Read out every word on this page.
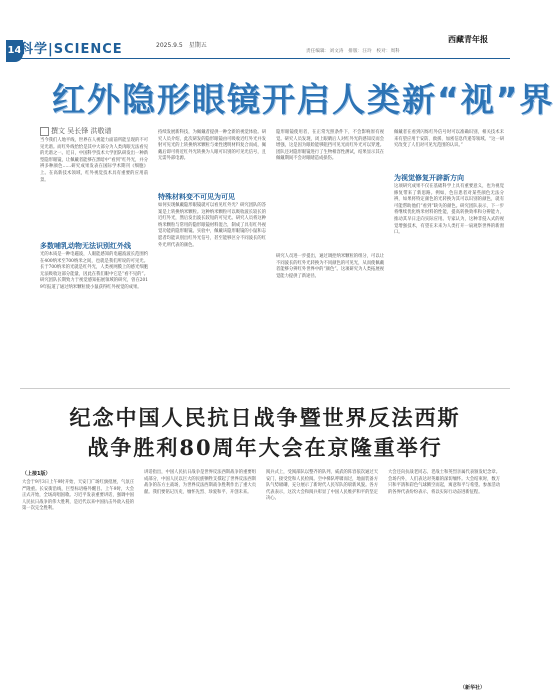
14
科学|SCIENCE	2025.9.5　星期五
西藏青年报
责任编辑：刘文涛　排版：汪玲　校对：周科
红外隐形眼镜开启人类新“视”界
撰文 吴长锋 洪敬谱
当今我们人地平线，世界在人视能力面前所能呈现的不可见光谱。而红外线恰恰是其中大部分为人类肉眼无法看见的光谱之一。近日，中国科学技术大学团队研发出一种新型隐形眼镜，让佩戴者能够在黑暗中“看到”红外光，并分辨多种颜色……研究成果发表在国际学术期刊《细胞》上。在高新技术领域，红外视觉技术具有重要的应用前景。
多数哺乳动物无法识别红外线
光的本质是一种电磁波，人眼能感知的电磁波波长范围约在400纳米至700纳米之间，也就是我们所说的可见光。长于700纳米的光就是红外光，人类视网膜上的感光细胞无法吸收这部分能量，因此在我们眼中它是“看不见的”。研究团队长期致力于视觉感知拓展领域的研究，曾在2019年报道了通过纳米颗粒使小鼠获得红外视觉的成果。
持续发展新科技，为佩戴者提供一种全新的视觉体验。研究人员介绍，此次研发的隐形眼镜由可吸收近红外光并发射可见光的上转换纳米颗粒与柔性透明材料复合而成，佩戴后即可将近红外光转换为人眼可识别的可见光信号，且无需外部电源。
特殊材料变不可见为可见
如何实现佩戴隐形眼镜就可以看见红外光？研究团队的答案是上转换纳米颗粒。这种纳米颗粒可以吸收波长较长的近红外光，然后发出波长较短的可见光。研究人员将这种纳米颗粒与常用的隐形眼镜材料混合，制成了具有红外视觉功能的隐形眼镜。实验中，佩戴该隐形眼镜的小鼠和志愿者均能识别出红外光信号，甚至能够区分不同波长的红外光所代表的颜色。
隐形眼镜使用者，在正常光照条件下，不会影响原有视觉。研究人员发现，闭上眼睛后人对红外光的感知反而会增强，这是因为眼睑能够阻挡可见光而红外光可以穿透。团队还对隐形眼镜进行了生物相容性测试，结果显示其在佩戴期间不会对眼睛造成损伤。
研究人员进一步提出，通过调控纳米颗粒的组分，可以让不同波长的红外光转换为不同颜色的可见光，从而使佩戴者能够分辨红外世界中的“颜色”。这项研究为人类拓展视觉能力提供了新途径。
佩戴者在看到闪烁红外信号时可以准确识别，相关技术未来有望应用于安防、救援、加密信息传递等领域。“这一研究改变了人们对可见光范围的认识。”
为视觉修复开辟新方向
这项研究成果不仅在基础科学上具有重要意义，也为视觉修复带来了新思路。例如，色盲患者对某些颜色无法分辨，如果将特定颜色的光转换为其可以识别的颜色，就有可能帮助他们“看到”缺失的颜色。研究团队表示，下一步将继续优化纳米材料的性能，提高转换效率和分辨能力，推动其早日走向实际应用。专家认为，这种非侵入式的视觉增强技术，有望在未来为人类打开一扇观察世界的新窗口。
纪念中国人民抗日战争暨世界反法西斯
战争胜利80周年大会在京隆重举行
（上接1版）
大会于9月3日上午9时开始，天安门广场红旗招展，气氛庄严隆重。长安街沿线，巨型标语格外醒目。上午9时，大会正式开始，全场高唱国歌。习近平发表重要讲话，强调中国人民抗日战争的伟大胜利，是近代以来中国抗击外敌入侵的第一次完全胜利。
讲话指出，中国人民抗日战争是世界反法西斯战争的重要组成部分，中国人民以巨大的民族牺牲支撑起了世界反法西斯战争的东方主战场，为世界反法西斯战争胜利作出了重大贡献。我们要铭记历史、缅怀先烈、珍爱和平、开创未来。
阅兵式上，受阅部队以整齐的队列、威武的阵容依次通过天安门，接受党和人民检阅。空中梯队呼啸而过，地面装备方队气势磅礴，充分展示了新时代人民军队的崭新风貌。各方代表表示，这次大会和阅兵彰显了中国人民维护和平的坚定决心。
大会还向抗战老同志、老战士和英烈亲属代表颁发纪念章。会场内外，人们表达对英雄的深切缅怀。大会结束时，数万只和平鸽和彩色气球腾空而起，寓意和平与希望。参加活动的各界代表纷纷表示，将以实际行动奋进新征程。
（新华社）
